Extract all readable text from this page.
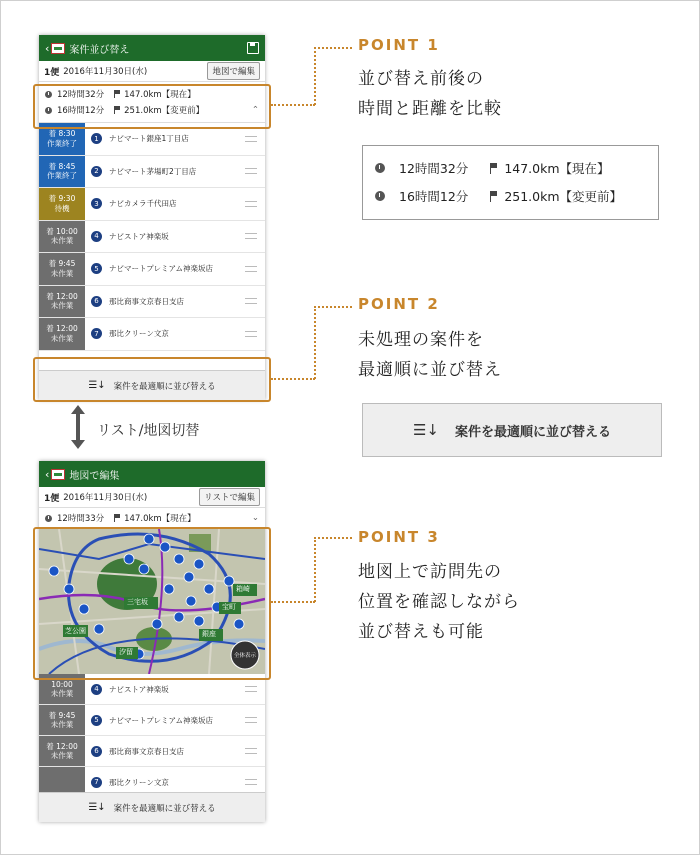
‹ 案件並び替え
1便 2016年11月30日(水)	地図で編集
12時間32分 147.0km【現在】
16時間12分 251.0km【変更前】	⌃
着 8:30
作業終了	1	ナビマート銀座1丁目店
着 8:45
作業終了	2	ナビマート茅場町2丁目店
着 9:30
待機	3	ナビカメラ千代田店
着 10:00
未作業	4	ナビストア神楽坂
着 9:45
未作業	5	ナビマートプレミアム神楽坂店
着 12:00
未作業	6	那比商事文京春日支店
着 12:00
未作業	7	那比クリーン文京
☰↓ 案件を最適順に並び替える
‹ 地図で編集
1便 2016年11月30日(水)	リストで編集
12時間33分 147.0km【現在】	⌄
三宅坂
宝町
箱崎
銀座
汐留
芝公園
全体表示
10:00
未作業	4	ナビストア神楽坂
着 9:45
未作業	5	ナビマートプレミアム神楽坂店
着 12:00
未作業	6	那比商事文京春日支店
7	那比クリーン文京
☰↓ 案件を最適順に並び替える
POINT 1
並び替え前後の
時間と距離を比較
12時間32分	147.0km【現在】
16時間12分	251.0km【変更前】
POINT 2
未処理の案件を
最適順に並び替え
☰↓ 案件を最適順に並び替える
リスト/地図切替
POINT 3
地図上で訪問先の
位置を確認しながら
並び替えも可能
